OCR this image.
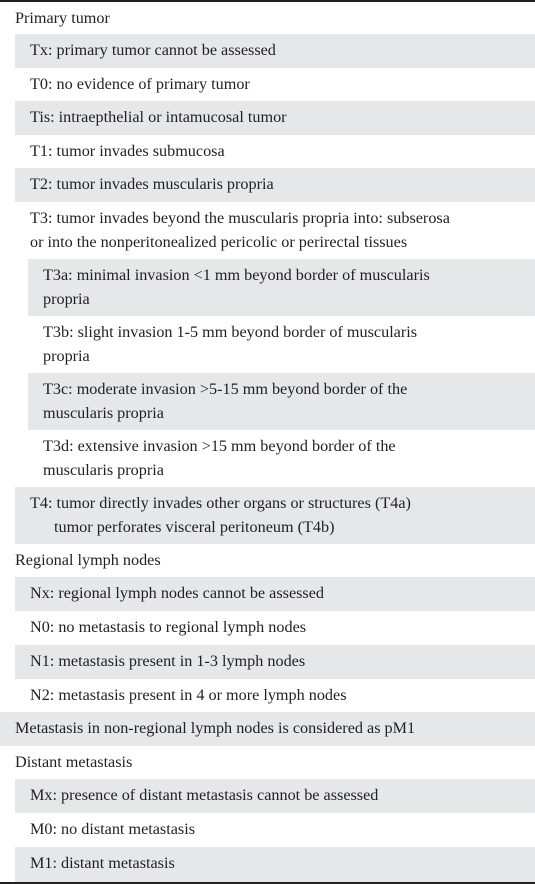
Primary tumor
Tx: primary tumor cannot be assessed
T0: no evidence of primary tumor
Tis: intraepthelial or intamucosal tumor
T1: tumor invades submucosa
T2: tumor invades muscularis propria
T3: tumor invades beyond the muscularis propria into: subserosa
or into the nonperitonealized pericolic or perirectal tissues
T3a: minimal invasion <1 mm beyond border of muscularis
propria
T3b: slight invasion 1-5 mm beyond border of muscularis
propria
T3c: moderate invasion >5-15 mm beyond border of the
muscularis propria
T3d: extensive invasion >15 mm beyond border of the
muscularis propria
T4: tumor directly invades other organs or structures (T4a)
tumor perforates visceral peritoneum (T4b)
Regional lymph nodes
Nx: regional lymph nodes cannot be assessed
N0: no metastasis to regional lymph nodes
N1: metastasis present in 1-3 lymph nodes
N2: metastasis present in 4 or more lymph nodes
Metastasis in non-regional lymph nodes is considered as pM1
Distant metastasis
Mx: presence of distant metastasis cannot be assessed
M0: no distant metastasis
M1: distant metastasis
